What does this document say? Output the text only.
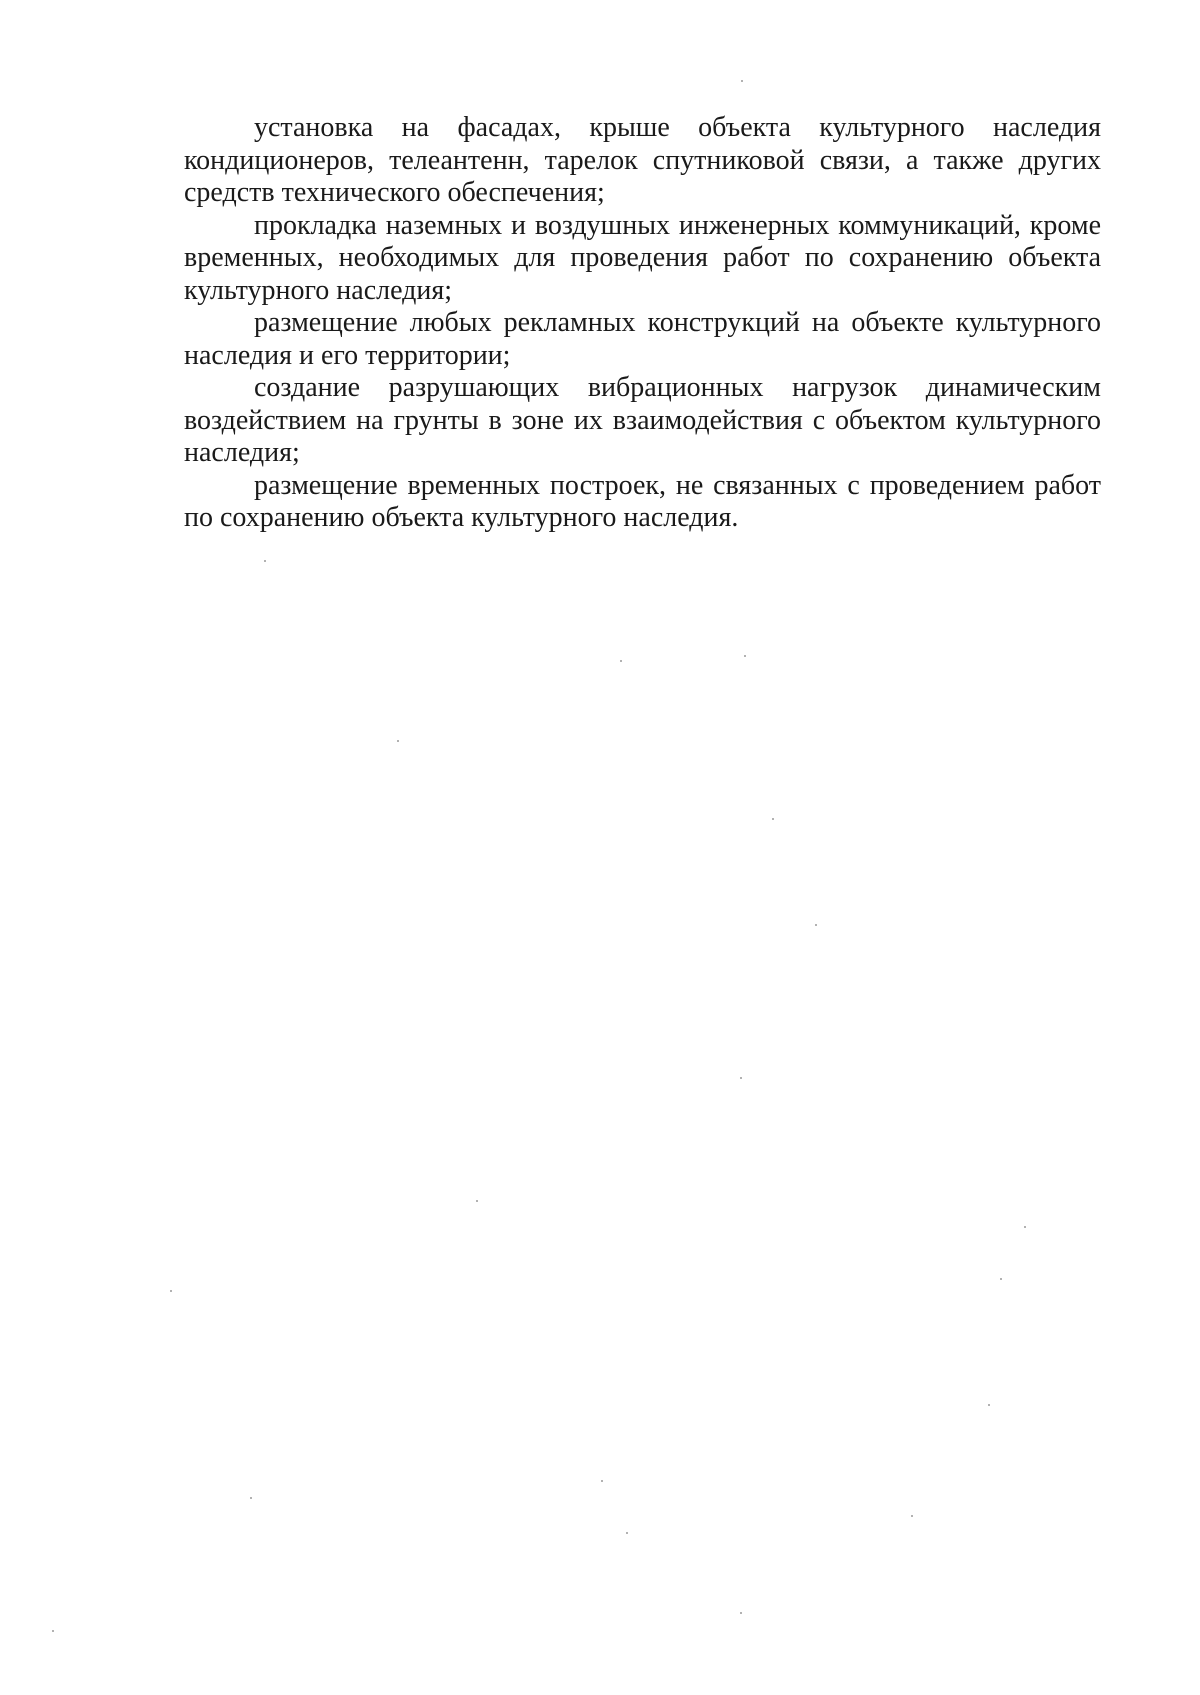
установка на фасадах, крыше объекта культурного наследия кондиционеров, телеантенн, тарелок спутниковой связи, а также других средств технического обеспечения;

прокладка наземных и воздушных инженерных коммуникаций, кроме временных, необходимых для проведения работ по сохранению объекта культурного наследия;

размещение любых рекламных конструкций на объекте культурного наследия и его территории;

создание разрушающих вибрационных нагрузок динамическим воздействием на грунты в зоне их взаимодействия с объектом культурного наследия;

размещение временных построек, не связанных с проведением работ по сохранению объекта культурного наследия.
